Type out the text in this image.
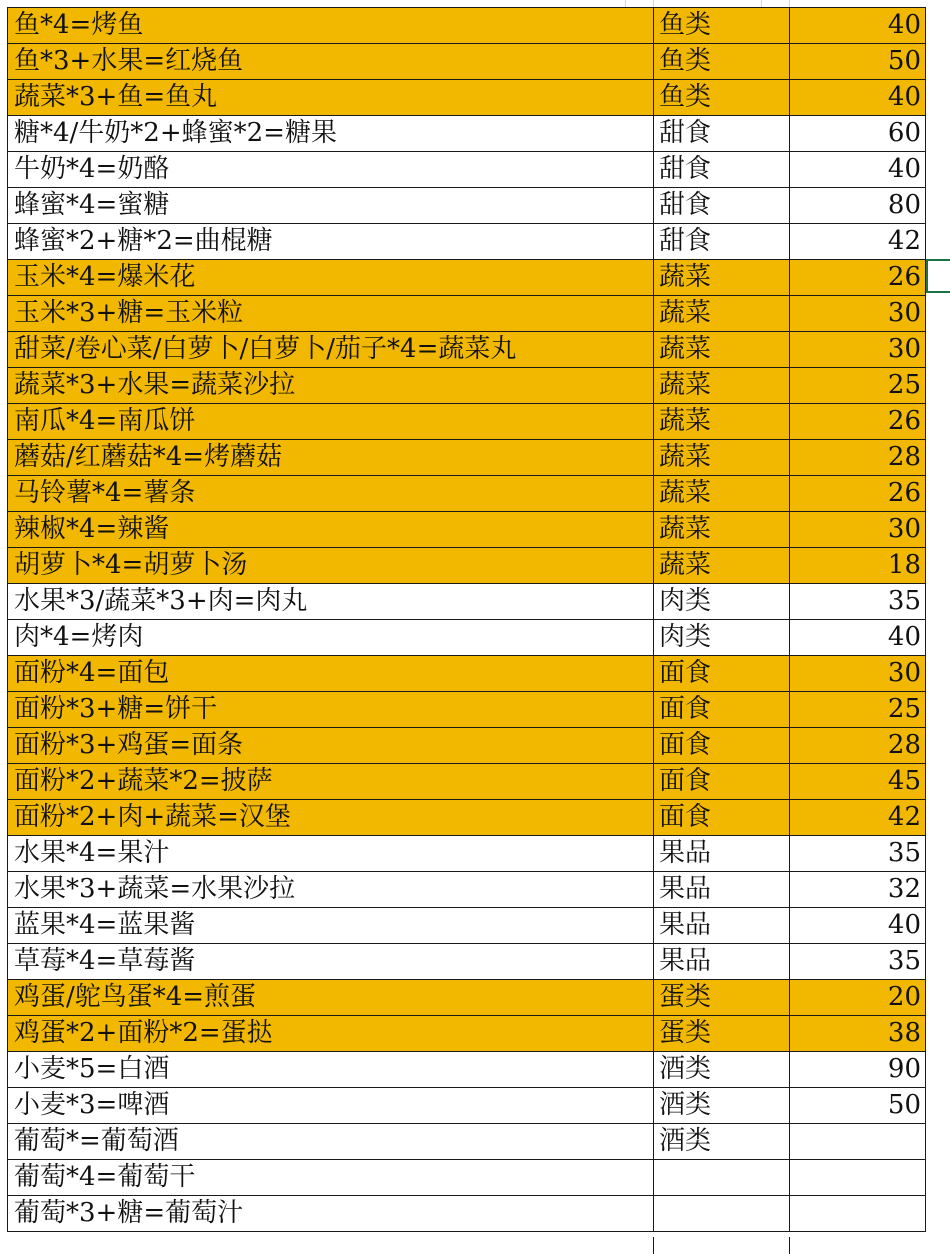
鱼*4=烤鱼	鱼类	40
鱼*3+水果=红烧鱼	鱼类	50
蔬菜*3+鱼=鱼丸	鱼类	40
糖*4/牛奶*2+蜂蜜*2=糖果	甜食	60
牛奶*4=奶酪	甜食	40
蜂蜜*4=蜜糖	甜食	80
蜂蜜*2+糖*2=曲棍糖	甜食	42
玉米*4=爆米花	蔬菜	26
玉米*3+糖=玉米粒	蔬菜	30
甜菜/卷心菜/白萝卜/白萝卜/茄子*4=蔬菜丸	蔬菜	30
蔬菜*3+水果=蔬菜沙拉	蔬菜	25
南瓜*4=南瓜饼	蔬菜	26
蘑菇/红蘑菇*4=烤蘑菇	蔬菜	28
马铃薯*4=薯条	蔬菜	26
辣椒*4=辣酱	蔬菜	30
胡萝卜*4=胡萝卜汤	蔬菜	18
水果*3/蔬菜*3+肉=肉丸	肉类	35
肉*4=烤肉	肉类	40
面粉*4=面包	面食	30
面粉*3+糖=饼干	面食	25
面粉*3+鸡蛋=面条	面食	28
面粉*2+蔬菜*2=披萨	面食	45
面粉*2+肉+蔬菜=汉堡	面食	42
水果*4=果汁	果品	35
水果*3+蔬菜=水果沙拉	果品	32
蓝果*4=蓝果酱	果品	40
草莓*4=草莓酱	果品	35
鸡蛋/鸵鸟蛋*4=煎蛋	蛋类	20
鸡蛋*2+面粉*2=蛋挞	蛋类	38
小麦*5=白酒	酒类	90
小麦*3=啤酒	酒类	50
葡萄*=葡萄酒	酒类	
葡萄*4=葡萄干		
葡萄*3+糖=葡萄汁		
